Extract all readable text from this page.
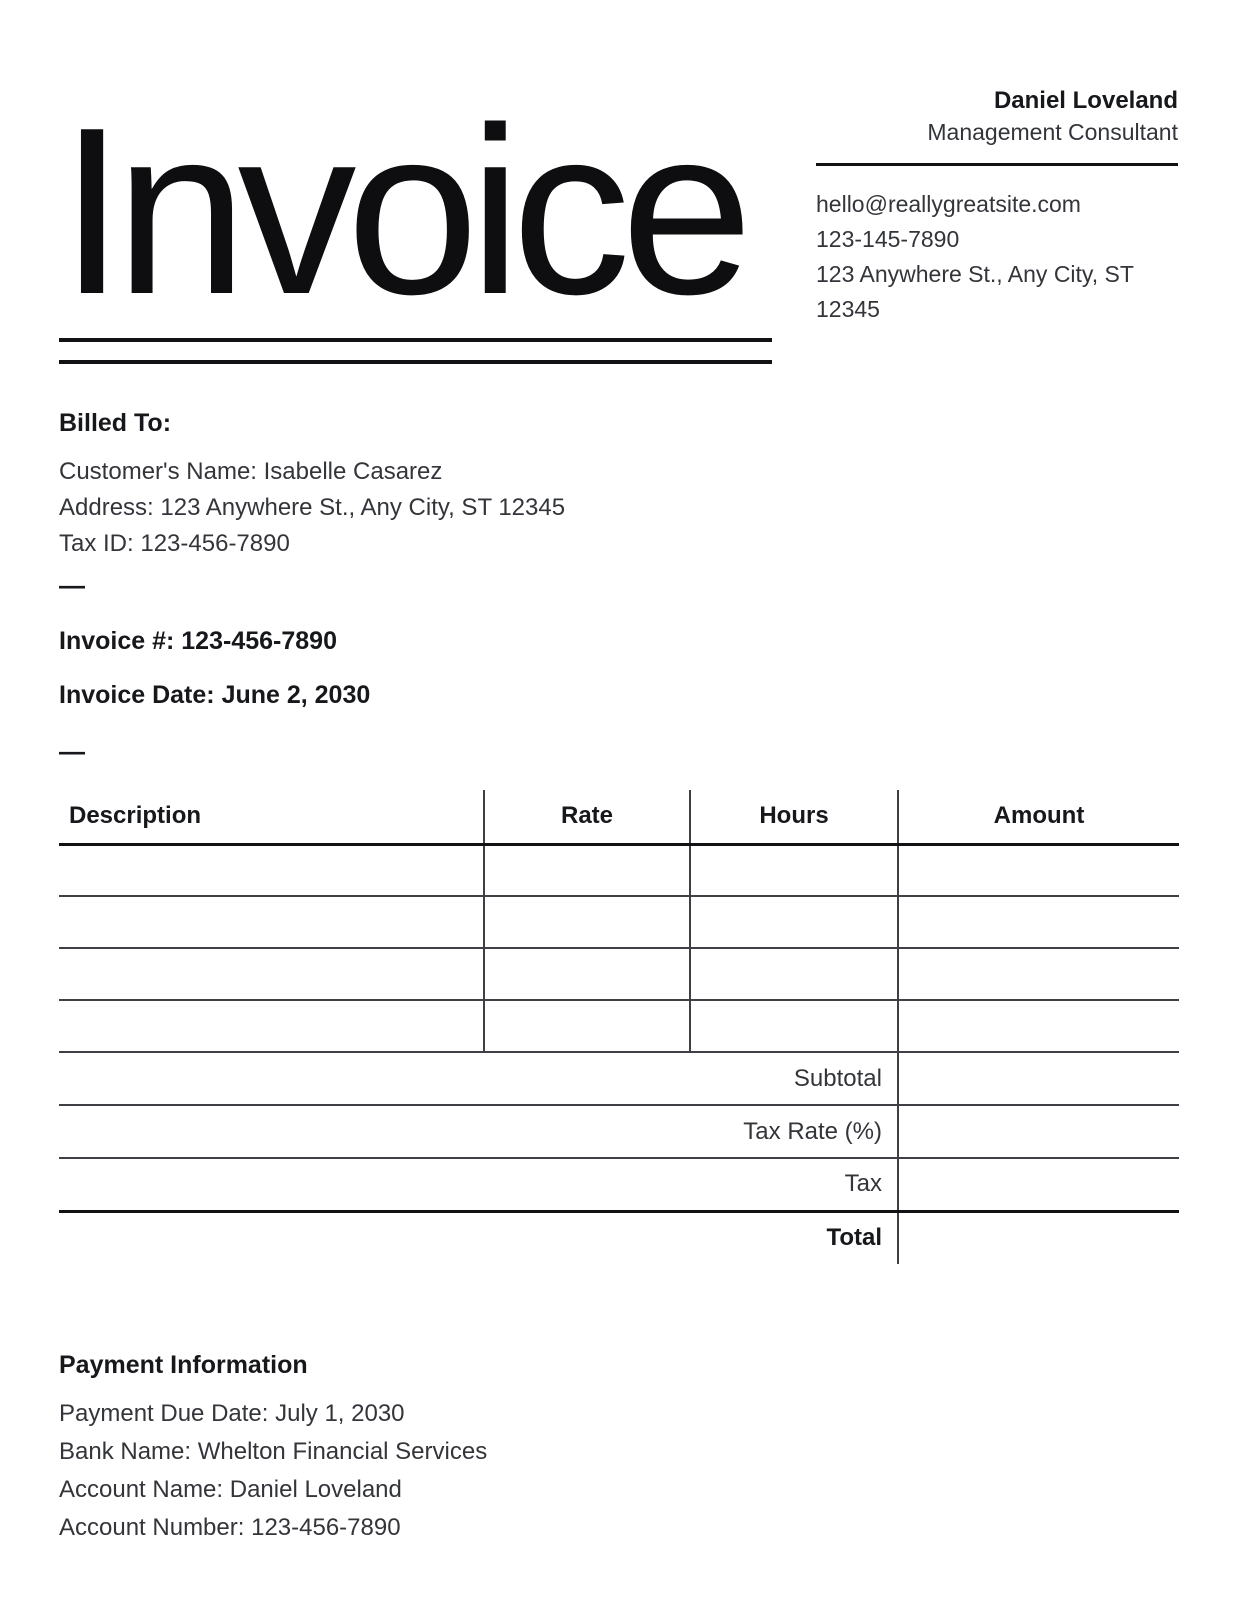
Invoice	Daniel Loveland
Management Consultant
hello@reallygreatsite.com
123-145-7890
123 Anywhere St., Any City, ST 12345
Billed To:

Customer's Name: Isabelle Casarez

Address: 123 Anywhere St., Any City, ST 12345

Tax ID: 123-456-7890

—

Invoice #: 123-456-7890

Invoice Date: June 2, 2030

—
Description	Rate	Hours	Amount

Subtotal			
Tax Rate (%)			
Tax			
Total			
Payment Information

Payment Due Date: July 1, 2030

Bank Name: Whelton Financial Services

Account Name: Daniel Loveland

Account Number: 123-456-7890
